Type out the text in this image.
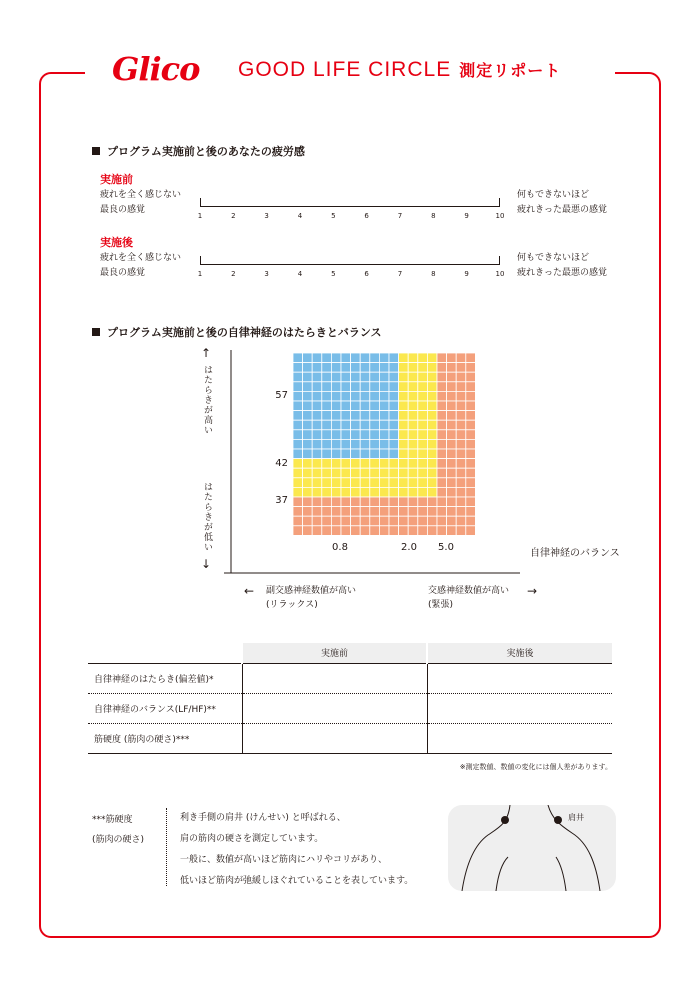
Glico GOOD LIFE CIRCLE 測定リポート
プログラム実施前と後のあなたの疲労感
実施前
疲れを全く感じない
最良の感覚
1	2	3	4	5	6	7	8	9	10
何もできないほど
疲れきった最悪の感覚
実施後
疲れを全く感じない
最良の感覚	1	2	3	4	5	6	7	8	9	10
何もできないほど
疲れきった最悪の感覚
プログラム実施前と後の自律神経のはたらきとバランス
↑
はたらきが高い
はたらきが低い
↓
57
42
37
0.8	2.0 5.0
自律神経のバランス
← 副交感神経数値が高い
(リラックス)
交感神経数値が高い
(緊張)
→
	実施前	実施後
自律神経のはたらき(偏差値)*		
自律神経のバランス(LF/HF)**		
筋硬度 (筋肉の硬さ)***		
※測定数値、数値の変化には個人差があります。
***筋硬度
(筋肉の硬さ)
利き手側の肩井 (けんせい) と呼ばれる、
肩の筋肉の硬さを測定しています。
一般に、数値が高いほど筋肉にハリやコリがあり、
低いほど筋肉が弛緩しほぐれていることを表しています。
肩井
